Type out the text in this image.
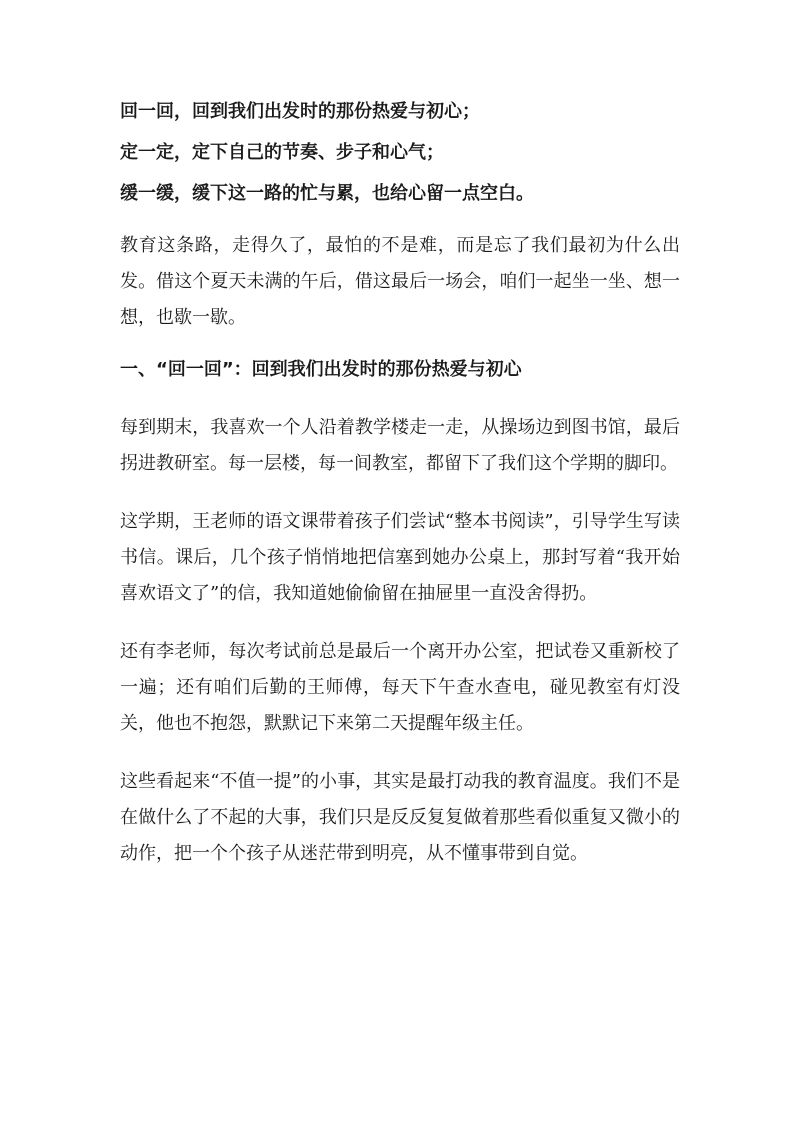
回一回，回到我们出发时的那份热爱与初心；

定一定，定下自己的节奏、步子和心气；

缓一缓，缓下这一路的忙与累，也给心留一点空白。

教育这条路，走得久了，最怕的不是难，而是忘了我们最初为什么出发。借这个夏天未满的午后，借这最后一场会，咱们一起坐一坐、想一想，也歇一歇。

一、“回一回”：回到我们出发时的那份热爱与初心

每到期末，我喜欢一个人沿着教学楼走一走，从操场边到图书馆，最后拐进教研室。每一层楼，每一间教室，都留下了我们这个学期的脚印。

这学期，王老师的语文课带着孩子们尝试“整本书阅读”，引导学生写读书信。课后，几个孩子悄悄地把信塞到她办公桌上，那封写着“我开始喜欢语文了”的信，我知道她偷偷留在抽屉里一直没舍得扔。

还有李老师，每次考试前总是最后一个离开办公室，把试卷又重新校了一遍；还有咱们后勤的王师傅，每天下午查水查电，碰见教室有灯没关，他也不抱怨，默默记下来第二天提醒年级主任。

这些看起来“不值一提”的小事，其实是最打动我的教育温度。我们不是在做什么了不起的大事，我们只是反反复复做着那些看似重复又微小的动作，把一个个孩子从迷茫带到明亮，从不懂事带到自觉。
